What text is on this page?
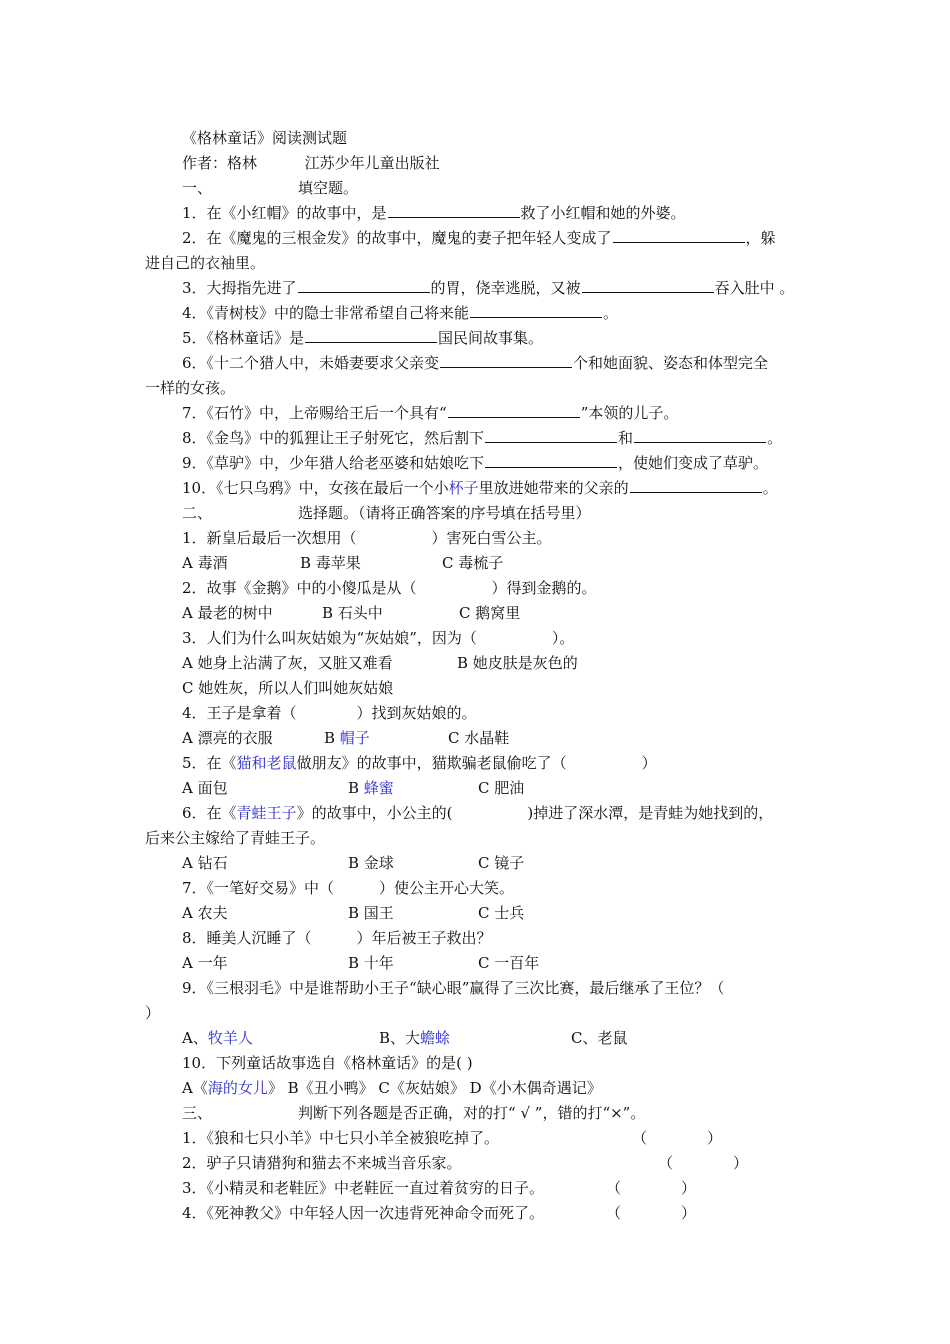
《格林童话》阅读测试题
作者：格林	江苏少年儿童出版社
一、	填空题。
1．在《小红帽》的故事中，是	救了小红帽和她的外婆。
2．在《魔鬼的三根金发》的故事中，魔鬼的妻子把年轻人变成了	，躲
进自己的衣袖里。
3．大拇指先进了	的胃，侥幸逃脱，又被	吞入肚中 。
4．《青树枝》中的隐士非常希望自己将来能	。
5．《格林童话》是	国民间故事集。
6．《十二个猎人中，未婚妻要求父亲变	个和她面貌、姿态和体型完全
一样的女孩。
7．《石竹》中，上帝赐给王后一个具有“	”本领的儿子。
8．《金鸟》中的狐狸让王子射死它，然后割下	和	。
9．《草驴》中，少年猎人给老巫婆和姑娘吃下	，使她们变成了草驴。
10．《七只乌鸦》中，女孩在最后一个小杯子里放进她带来的父亲的	。
二、	选择题。（请将正确答案的序号填在括号里）
1．新皇后最后一次想用（　　　　　）害死白雪公主。
A 毒酒	B 毒苹果	C 毒梳子
2．故事《金鹅》中的小傻瓜是从（　　　　　）得到金鹅的。
A 最老的树中	B 石头中	C 鹅窝里
3．人们为什么叫灰姑娘为“灰姑娘”，因为（　　　　　）。
A 她身上沾满了灰，又脏又难看	B 她皮肤是灰色的
C 她姓灰，所以人们叫她灰姑娘
4．王子是拿着（　　　　）找到灰姑娘的。
A 漂亮的衣服	B 帽子	C 水晶鞋
5．在《猫和老鼠做朋友》的故事中，猫欺骗老鼠偷吃了（　　　　　）
A 面包	B 蜂蜜	C 肥油
6．在《青蛙王子》的故事中，小公主的(　　　　　)掉进了深水潭，是青蛙为她找到的，
后来公主嫁给了青蛙王子。
A 钻石	B 金球	C 镜子
7．《一笔好交易》中（　　　）使公主开心大笑。
A 农夫	B 国王	C 士兵
8．睡美人沉睡了（　　　）年后被王子救出？
A 一年	B 十年	C 一百年
9．《三根羽毛》中是谁帮助小王子“缺心眼”赢得了三次比赛，最后继承了王位？（
）
A、牧羊人	B、大蟾蜍	C、老鼠
10．下列童话故事选自《格林童话》的是( )
A《海的女儿》 B《丑小鸭》 C《灰姑娘》 D《小木偶奇遇记》
三、	判断下列各题是否正确，对的打“ √ ”，错的打“×”。
1．《狼和七只小羊》中七只小羊全被狼吃掉了。	（　　　　）
2．驴子只请猎狗和猫去不来城当音乐家。	（　　　　）
3．《小精灵和老鞋匠》中老鞋匠一直过着贫穷的日子。	（　　　　）
4．《死神教父》中年轻人因一次违背死神命令而死了。	（　　　　）
